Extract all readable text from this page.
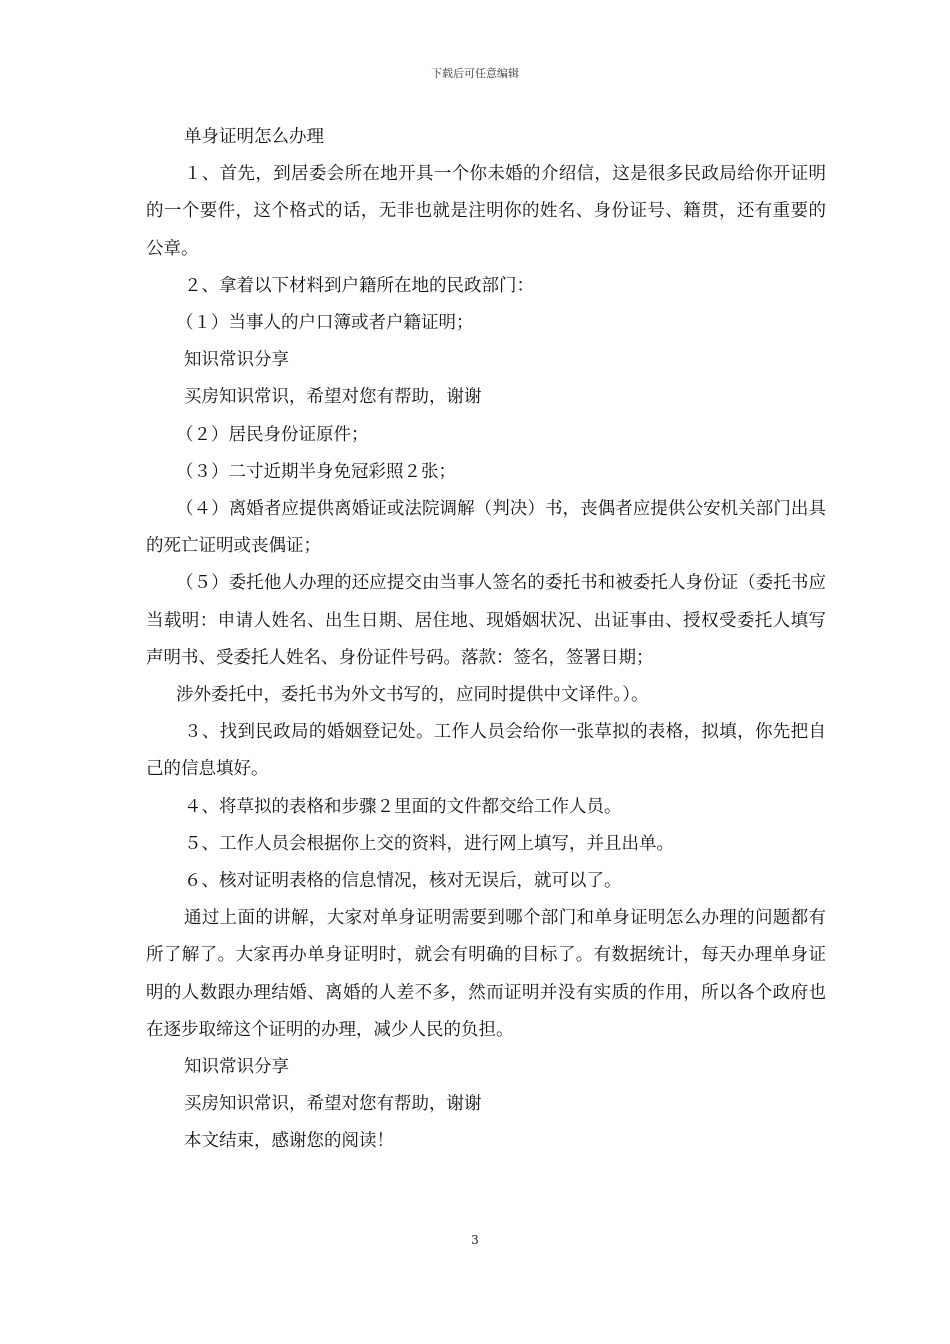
下载后可任意编辑

单身证明怎么办理

１、首先，到居委会所在地开具一个你未婚的介绍信，这是很多民政局给你开证明的一个要件，这个格式的话，无非也就是注明你的姓名、身份证号、籍贯，还有重要的公章。

２、拿着以下材料到户籍所在地的民政部门：

（１）当事人的户口簿或者户籍证明；

知识常识分享

买房知识常识，希望对您有帮助，谢谢

（２）居民身份证原件；

（３）二寸近期半身免冠彩照２张；

（４）离婚者应提供离婚证或法院调解（判决）书，丧偶者应提供公安机关部门出具的死亡证明或丧偶证；

（５）委托他人办理的还应提交由当事人签名的委托书和被委托人身份证（委托书应当载明：申请人姓名、出生日期、居住地、现婚姻状况、出证事由、授权受委托人填写声明书、受委托人姓名、身份证件号码。落款：签名，签署日期；

涉外委托中，委托书为外文书写的，应同时提供中文译件。）。

３、找到民政局的婚姻登记处。工作人员会给你一张草拟的表格，拟填，你先把自己的信息填好。

４、将草拟的表格和步骤２里面的文件都交给工作人员。

５、工作人员会根据你上交的资料，进行网上填写，并且出单。

６、核对证明表格的信息情况，核对无误后，就可以了。

通过上面的讲解，大家对单身证明需要到哪个部门和单身证明怎么办理的问题都有所了解了。大家再办单身证明时，就会有明确的目标了。有数据统计，每天办理单身证明的人数跟办理结婚、离婚的人差不多，然而证明并没有实质的作用，所以各个政府也在逐步取缔这个证明的办理，减少人民的负担。

知识常识分享

买房知识常识，希望对您有帮助，谢谢

本文结束，感谢您的阅读！

3
